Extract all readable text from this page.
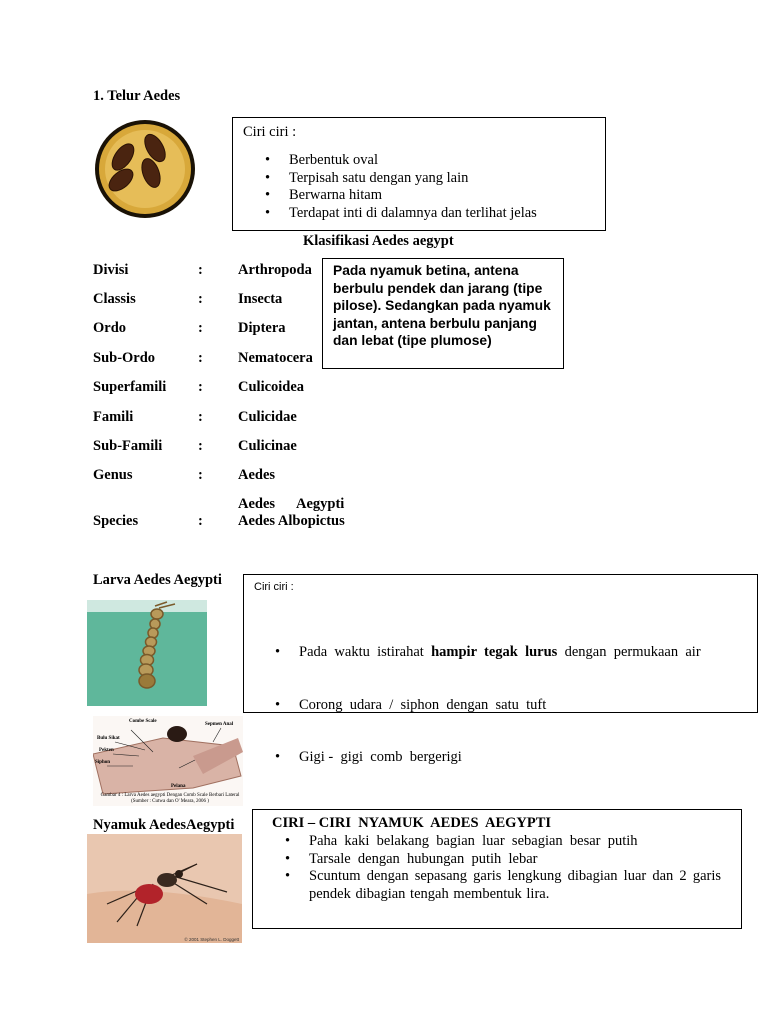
1. Telur Aedes
Ciri ciri :
• Berbentuk oval
• Terpisah satu dengan yang lain
• Berwarna hitam
• Terdapat inti di dalamnya dan terlihat jelas
Klasifikasi Aedes aegypt
Divisi	: Arthropoda
Classis	: Insecta
Ordo	: Diptera
Sub-Ordo	: Nematocera
Superfamili	: Culicoidea
Famili	: Culicidae
Sub-Famili	: Culicinae
Genus	: Aedes
Aedes      Aegypti
Species	: Aedes Albopictus
Pada nyamuk betina, antena berbulu pendek dan jarang (tipe pilose). Sedangkan pada nyamuk jantan, antena berbulu panjang dan lebat (tipe plumose)
Larva Aedes Aegypti
Combe Scale
Sepmen Anal
Bulu Sikat
Pekten
Siphon
Pelana
Gambar 4 : Larva Aedes aegypti Dengan Comb Scale Berbari Lateral
(Sumber : Cutwa dan O' Meara, 2006 )
Ciri ciri :

• Pada  waktu  istirahat  hampir  tegak  lurus  dengan  permukaan  air

• Corong  udara  /  siphon  dengan  satu  tuft

• Gigi -  gigi  comb  bergerigi

Nyamuk AedesAegypti
© 2001 Stephen L. Doggett
CIRI – CIRI  NYAMUK  AEDES  AEGYPTI
• Paha  kaki  belakang  bagian  luar  sebagian  besar  putih
• Tarsale  dengan  hubungan  putih  lebar
• Scuntum dengan sepasang garis lengkung dibagian luar dan 2 garis pendek dibagian tengah membentuk lira.
